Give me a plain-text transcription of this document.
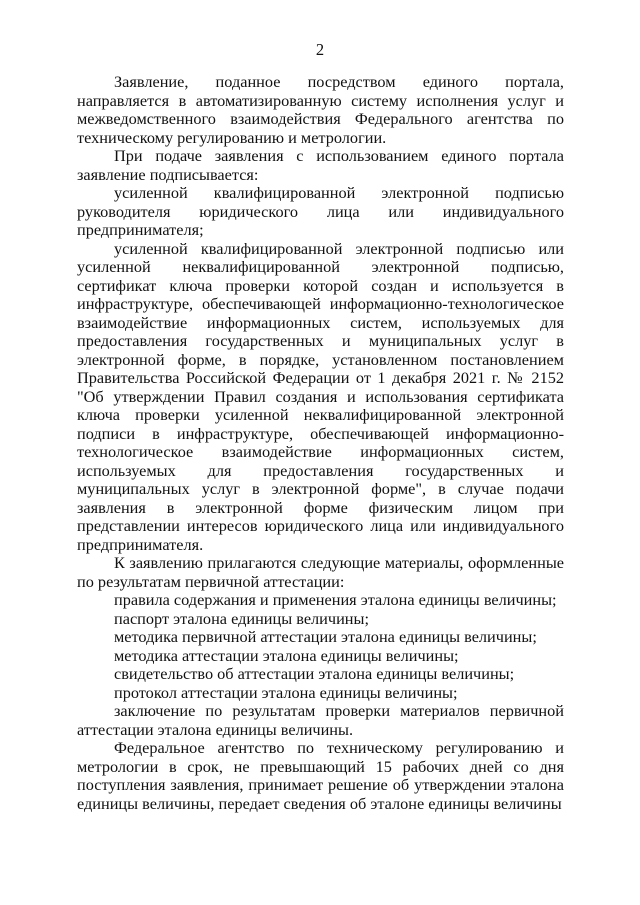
2

Заявление, поданное посредством единого портала, направляется в автоматизированную систему исполнения услуг и межведомственного взаимодействия Федерального агентства по техническому регулированию и метрологии.

При подаче заявления с использованием единого портала заявление подписывается:

усиленной квалифицированной электронной подписью руководителя юридического лица или индивидуального предпринимателя;

усиленной квалифицированной электронной подписью или усиленной неквалифицированной электронной подписью, сертификат ключа проверки которой создан и используется в инфраструктуре, обеспечивающей информационно-технологическое взаимодействие информационных систем, используемых для предоставления государственных и муниципальных услуг в электронной форме, в порядке, установленном постановлением Правительства Российской Федерации от 1 декабря 2021 г. № 2152 "Об утверждении Правил создания и использования сертификата ключа проверки усиленной неквалифицированной электронной подписи в инфраструктуре, обеспечивающей информационно-технологическое взаимодействие информационных систем, используемых для предоставления государственных и муниципальных услуг в электронной форме", в случае подачи заявления в электронной форме физическим лицом при представлении интересов юридического лица или индивидуального предпринимателя.

К заявлению прилагаются следующие материалы, оформленные по результатам первичной аттестации:

правила содержания и применения эталона единицы величины;

паспорт эталона единицы величины;

методика первичной аттестации эталона единицы величины;

методика аттестации эталона единицы величины;

свидетельство об аттестации эталона единицы величины;

протокол аттестации эталона единицы величины;

заключение по результатам проверки материалов первичной аттестации эталона единицы величины.

Федеральное агентство по техническому регулированию и метрологии в срок, не превышающий 15 рабочих дней со дня поступления заявления, принимает решение об утверждении эталона единицы величины, передает сведения об эталоне единицы величины
